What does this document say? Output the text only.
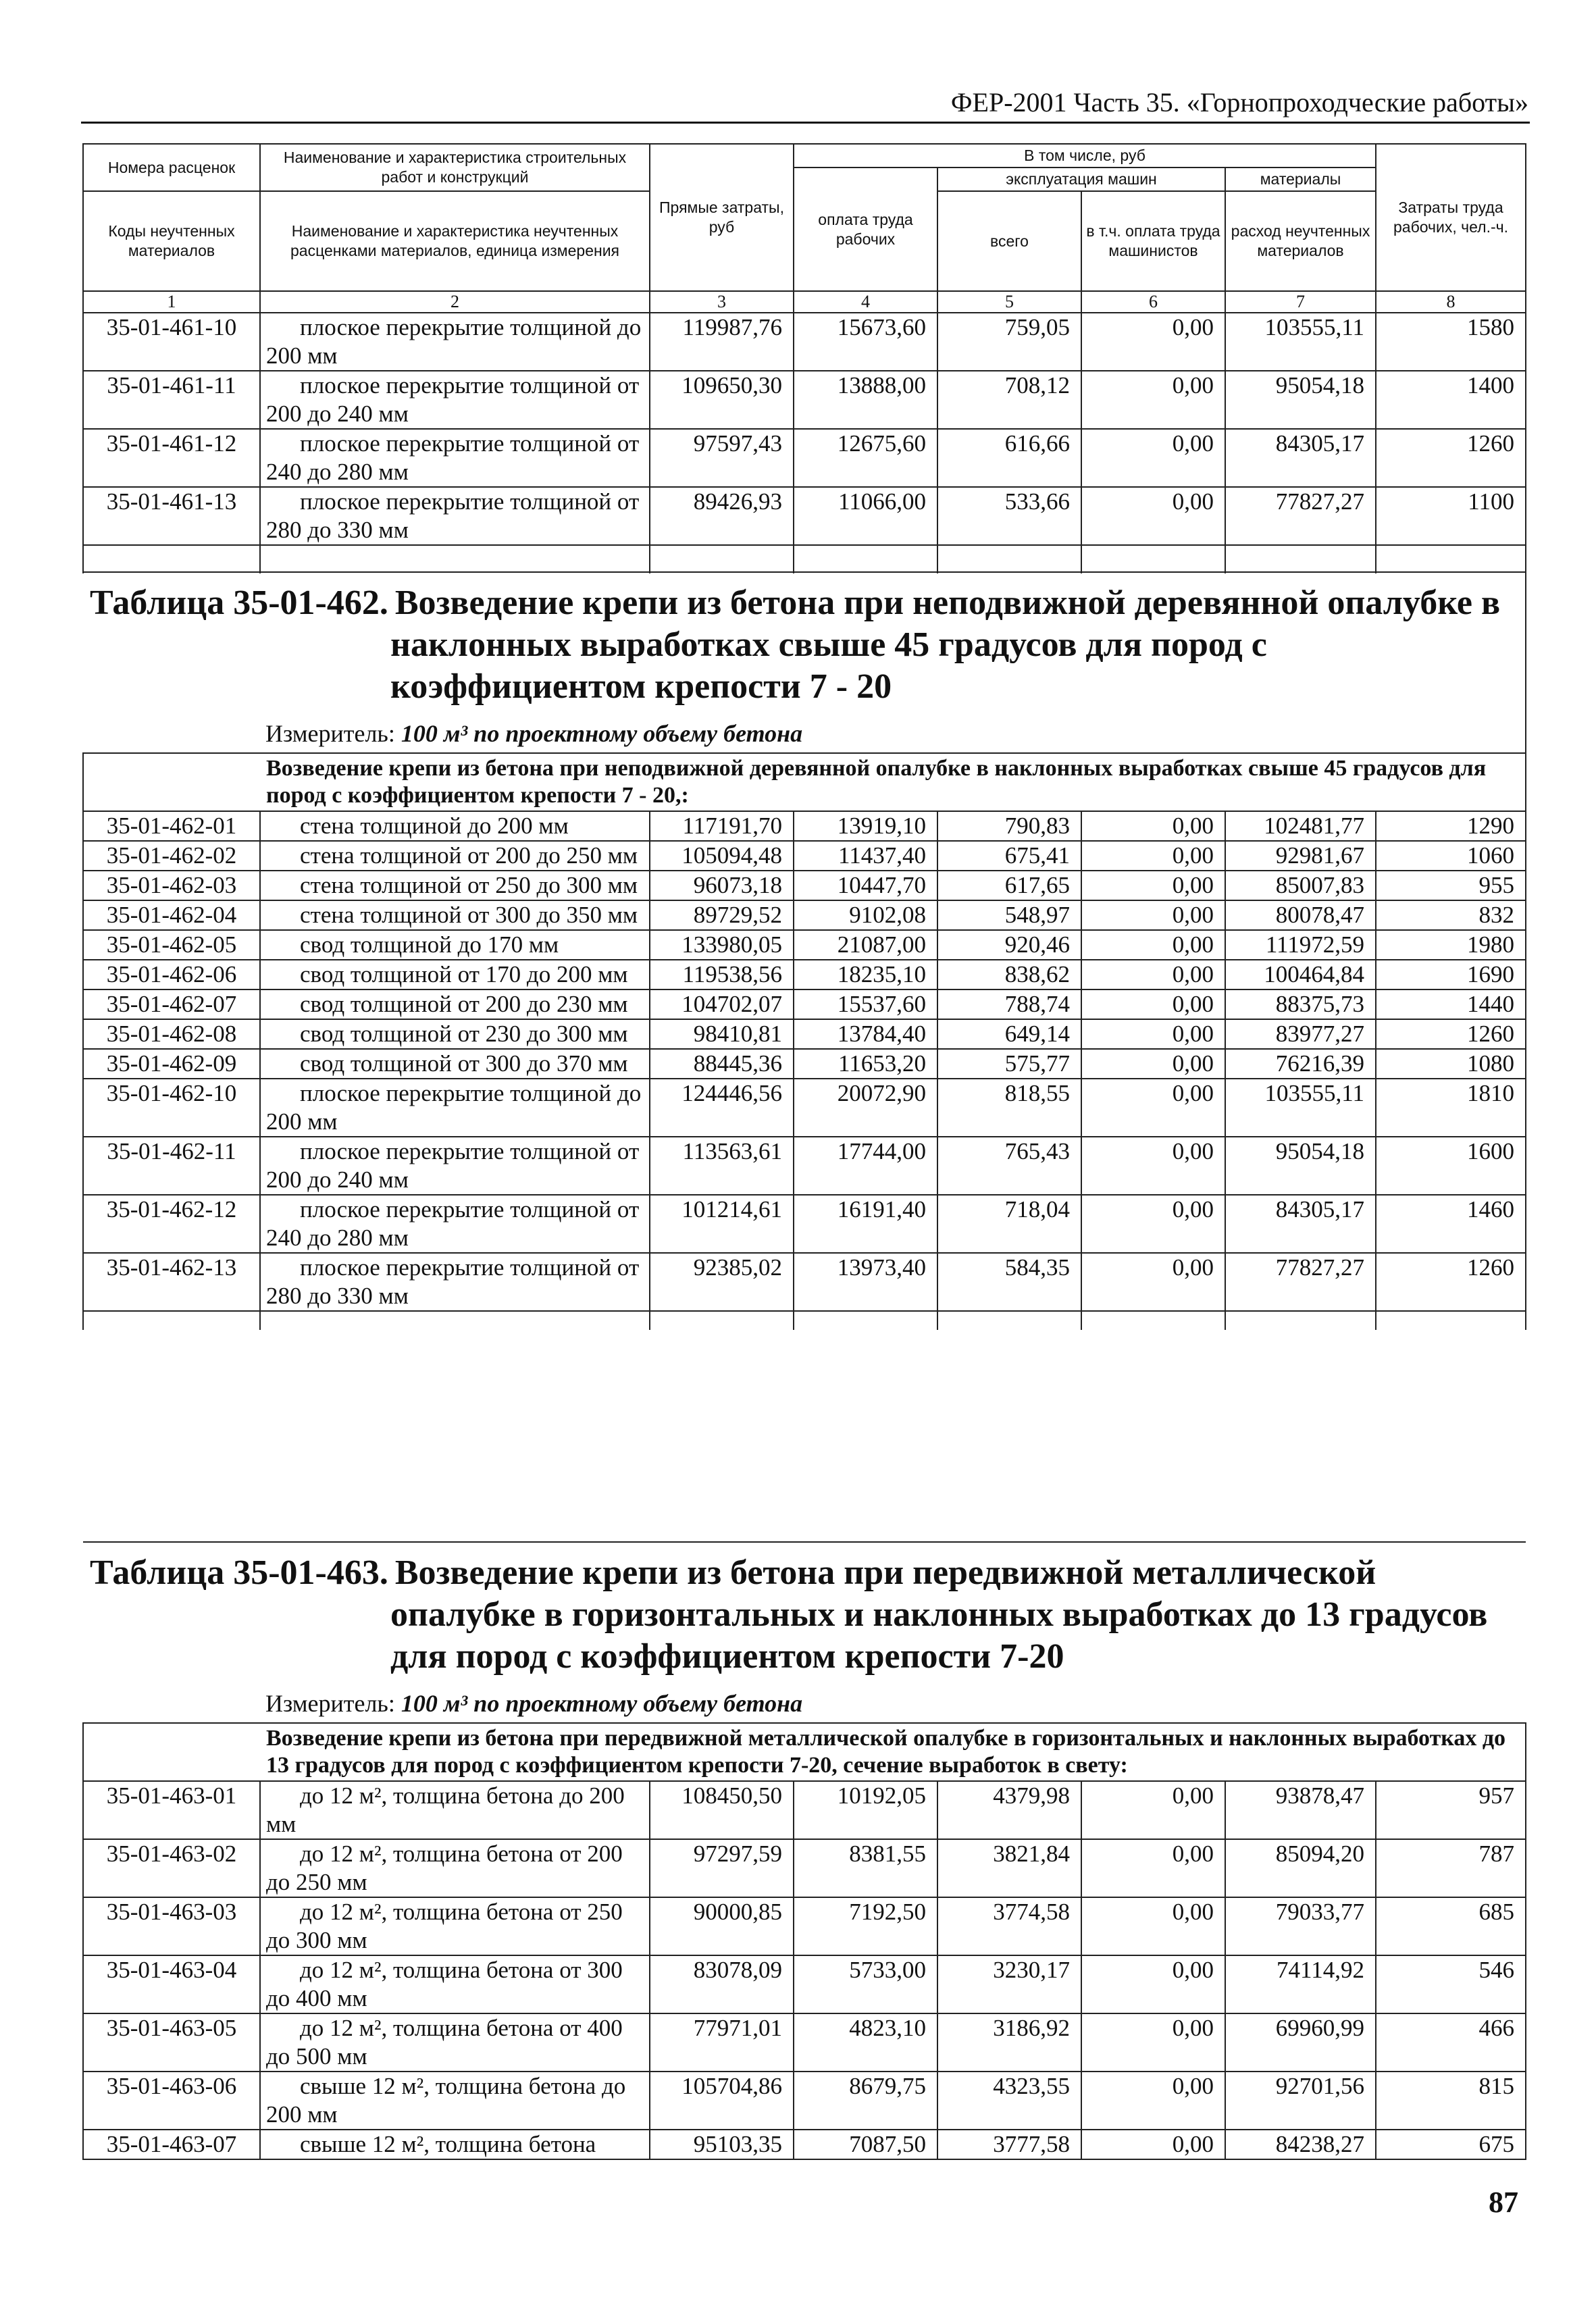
ФЕР-2001 Часть 35. «Горнопроходческие работы»
Номера расценок	Наименование и характеристика строительных работ и конструкций	Прямые затраты, руб	В том числе, руб				Затраты труда рабочих, чел.-ч.
			оплата труда рабочих	эксплуатация машин		материалы	
Коды неучтенных материалов	Наименование и характеристика неучтенных расценками материалов, единица измерения			всего	в т.ч. оплата труда машинистов	расход неучтенных материалов	

1	2	3	4	5	6	7	8
35-01-461-10	плоское перекрытие толщиной до 200 мм	119987,76	15673,60	759,05	0,00	103555,11	1580
35-01-461-11	плоское перекрытие толщиной от 200 до 240 мм	109650,30	13888,00	708,12	0,00	95054,18	1400
35-01-461-12	плоское перекрытие толщиной от 240 до 280 мм	97597,43	12675,60	616,66	0,00	84305,17	1260
35-01-461-13	плоское перекрытие толщиной от 280 до 330 мм	89426,93	11066,00	533,66	0,00	77827,27	1100

Таблица 35-01-462. Возведение крепи из бетона при неподвижной деревянной опалубке в наклонных выработках свыше 45 градусов для пород с коэффициентом крепости 7 - 20
Измеритель: 100 м³ по проектному объему бетона							

Возведение крепи из бетона при неподвижной деревянной опалубке в наклонных выработках свыше 45 градусов для пород с коэффициентом крепости 7 - 20,:							
35-01-462-01	стена толщиной до 200 мм	117191,70	13919,10	790,83	0,00	102481,77	1290
35-01-462-02	стена толщиной от 200 до 250 мм	105094,48	11437,40	675,41	0,00	92981,67	1060
35-01-462-03	стена толщиной от 250 до 300 мм	96073,18	10447,70	617,65	0,00	85007,83	955
35-01-462-04	стена толщиной от 300 до 350 мм	89729,52	9102,08	548,97	0,00	80078,47	832
35-01-462-05	свод толщиной до 170 мм	133980,05	21087,00	920,46	0,00	111972,59	1980
35-01-462-06	свод толщиной от 170 до 200 мм	119538,56	18235,10	838,62	0,00	100464,84	1690
35-01-462-07	свод толщиной от 200 до 230 мм	104702,07	15537,60	788,74	0,00	88375,73	1440
35-01-462-08	свод толщиной от 230 до 300 мм	98410,81	13784,40	649,14	0,00	83977,27	1260
35-01-462-09	свод толщиной от 300 до 370 мм	88445,36	11653,20	575,77	0,00	76216,39	1080
35-01-462-10	плоское перекрытие толщиной до 200 мм	124446,56	20072,90	818,55	0,00	103555,11	1810
35-01-462-11	плоское перекрытие толщиной от 200 до 240 мм	113563,61	17744,00	765,43	0,00	95054,18	1600
35-01-462-12	плоское перекрытие толщиной от 240 до 280 мм	101214,61	16191,40	718,04	0,00	84305,17	1460
35-01-462-13	плоское перекрытие толщиной от 280 до 330 мм	92385,02	13973,40	584,35	0,00	77827,27	1260

Таблица 35-01-463. Возведение крепи из бетона при передвижной металлической опалубке в горизонтальных и наклонных выработках до 13 градусов для пород с коэффициентом крепости 7-20
Измеритель: 100 м³ по проектному объему бетона							

Возведение крепи из бетона при передвижной металлической опалубке в горизонтальных и наклонных выработках до 13 градусов для пород с коэффициентом крепости 7-20, сечение выработок в свету:							
35-01-463-01	до 12 м², толщина бетона до 200 мм	108450,50	10192,05	4379,98	0,00	93878,47	957
35-01-463-02	до 12 м², толщина бетона от 200 до 250 мм	97297,59	8381,55	3821,84	0,00	85094,20	787
35-01-463-03	до 12 м², толщина бетона от 250 до 300 мм	90000,85	7192,50	3774,58	0,00	79033,77	685
35-01-463-04	до 12 м², толщина бетона от 300 до 400 мм	83078,09	5733,00	3230,17	0,00	74114,92	546
35-01-463-05	до 12 м², толщина бетона от 400 до 500 мм	77971,01	4823,10	3186,92	0,00	69960,99	466
35-01-463-06	свыше 12 м², толщина бетона до 200 мм	105704,86	8679,75	4323,55	0,00	92701,56	815
35-01-463-07	свыше 12 м², толщина бетона	95103,35	7087,50	3777,58	0,00	84238,27	675
87
